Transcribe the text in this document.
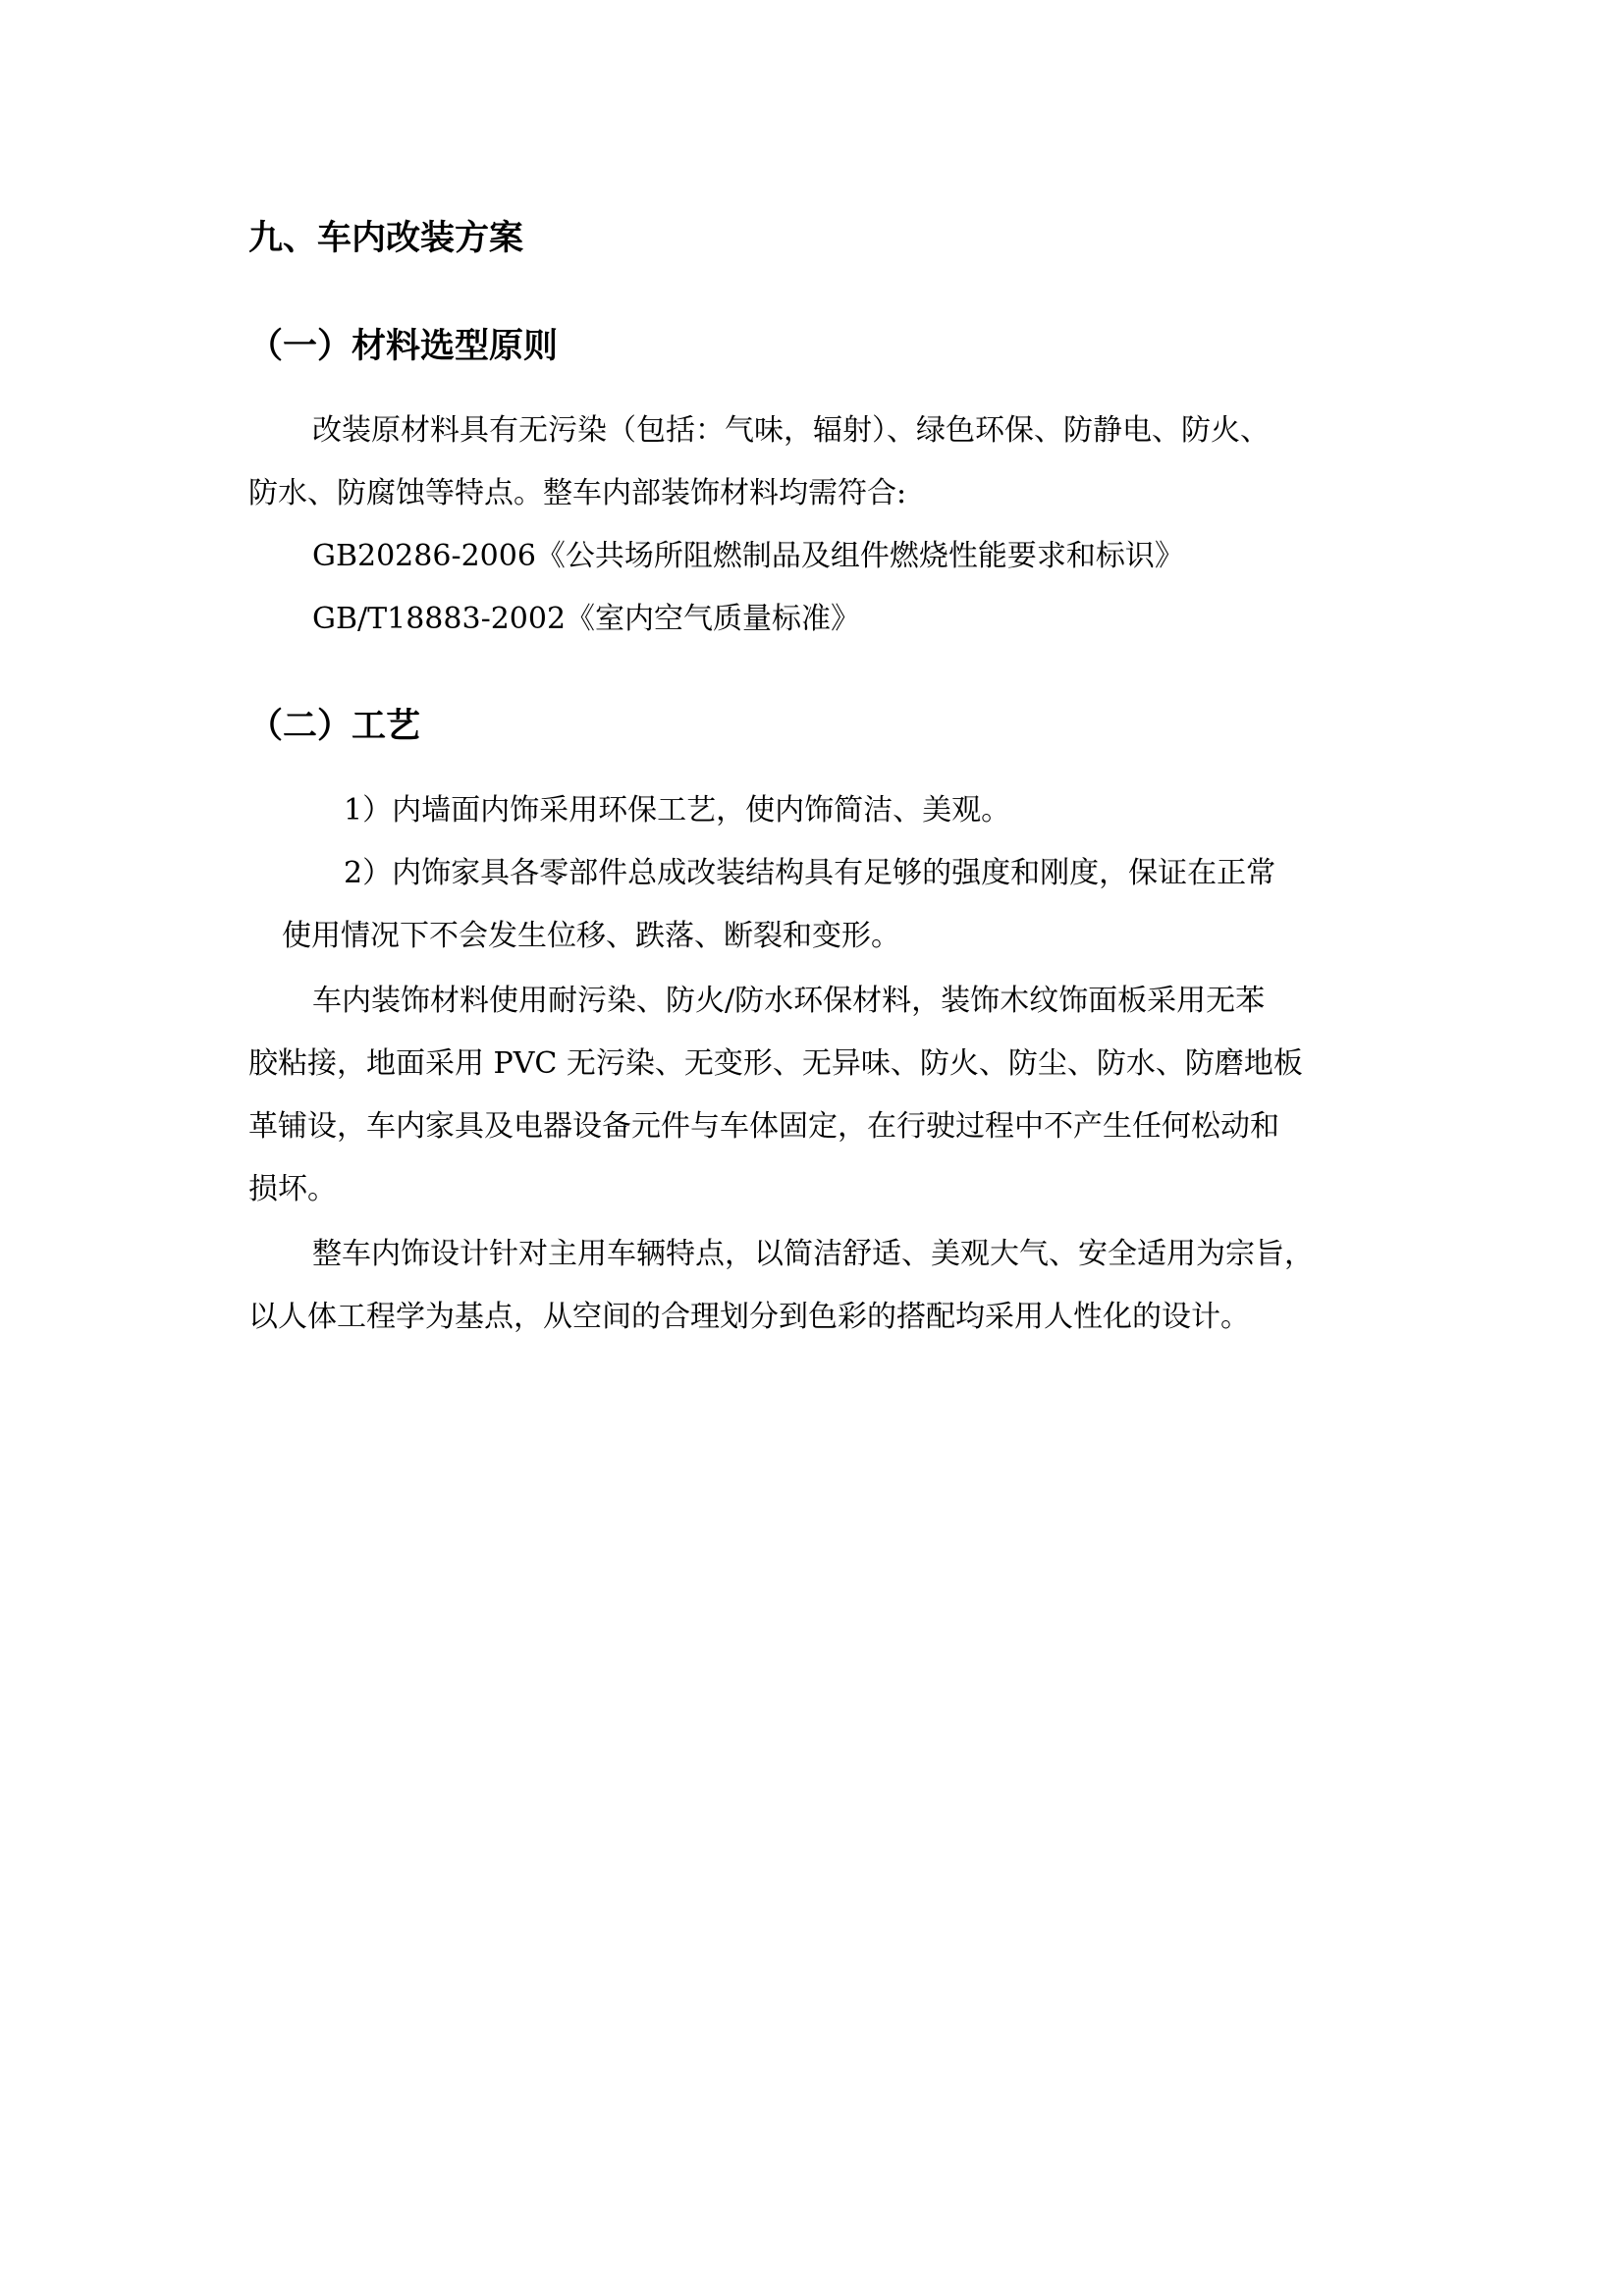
九、车内改装方案
（一）材料选型原则
改装原材料具有无污染（包括：气味，辐射）、绿色环保、防静电、防火、
防水、防腐蚀等特点。整车内部装饰材料均需符合:
GB20286-2006《公共场所阻燃制品及组件燃烧性能要求和标识》
GB/T18883-2002《室内空气质量标准》
（二）工艺
1）内墙面内饰采用环保工艺，使内饰简洁、美观。
2）内饰家具各零部件总成改装结构具有足够的强度和刚度，保证在正常
使用情况下不会发生位移、跌落、断裂和变形。
车内装饰材料使用耐污染、防火/防水环保材料，装饰木纹饰面板采用无苯
胶粘接，地面采用 PVC 无污染、无变形、无异味、防火、防尘、防水、防磨地板
革铺设，车内家具及电器设备元件与车体固定，在行驶过程中不产生任何松动和
损坏。
整车内饰设计针对主用车辆特点，以简洁舒适、美观大气、安全适用为宗旨，
以人体工程学为基点，从空间的合理划分到色彩的搭配均采用人性化的设计。
